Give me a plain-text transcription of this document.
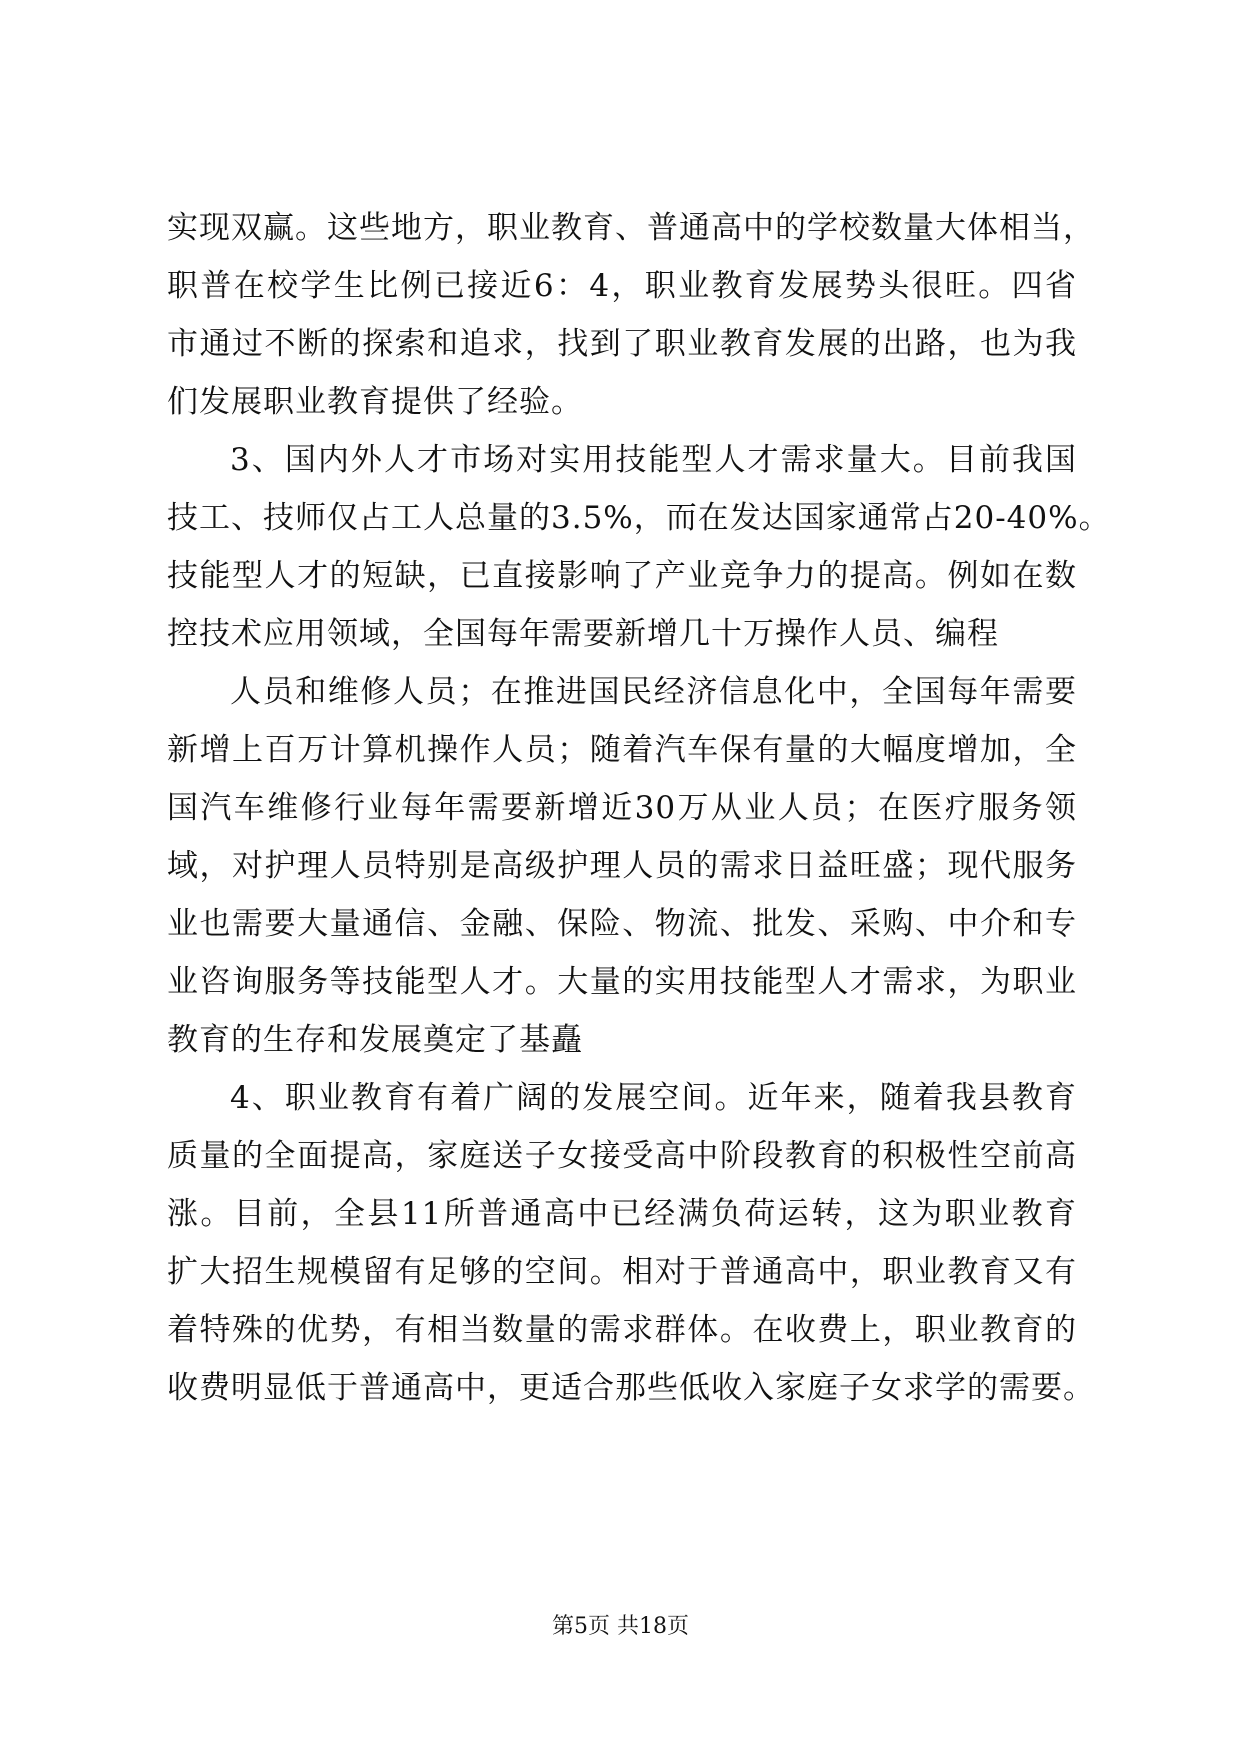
实现双赢。这些地方，职业教育、普通高中的学校数量大体相当，
职普在校学生比例已接近6：4，职业教育发展势头很旺。四省
市通过不断的探索和追求，找到了职业教育发展的出路，也为我
们发展职业教育提供了经验。
3、国内外人才市场对实用技能型人才需求量大。目前我国
技工、技师仅占工人总量的3.5%，而在发达国家通常占20-40%。
技能型人才的短缺，已直接影响了产业竞争力的提高。例如在数
控技术应用领域，全国每年需要新增几十万操作人员、编程
人员和维修人员；在推进国民经济信息化中，全国每年需要
新增上百万计算机操作人员；随着汽车保有量的大幅度增加，全
国汽车维修行业每年需要新增近30万从业人员；在医疗服务领
域，对护理人员特别是高级护理人员的需求日益旺盛；现代服务
业也需要大量通信、金融、保险、物流、批发、采购、中介和专
业咨询服务等技能型人才。大量的实用技能型人才需求，为职业
教育的生存和发展奠定了基矗
4、职业教育有着广阔的发展空间。近年来，随着我县教育
质量的全面提高，家庭送子女接受高中阶段教育的积极性空前高
涨。目前，全县11所普通高中已经满负荷运转，这为职业教育
扩大招生规模留有足够的空间。相对于普通高中，职业教育又有
着特殊的优势，有相当数量的需求群体。在收费上，职业教育的
收费明显低于普通高中，更适合那些低收入家庭子女求学的需要。
第5页 共18页
